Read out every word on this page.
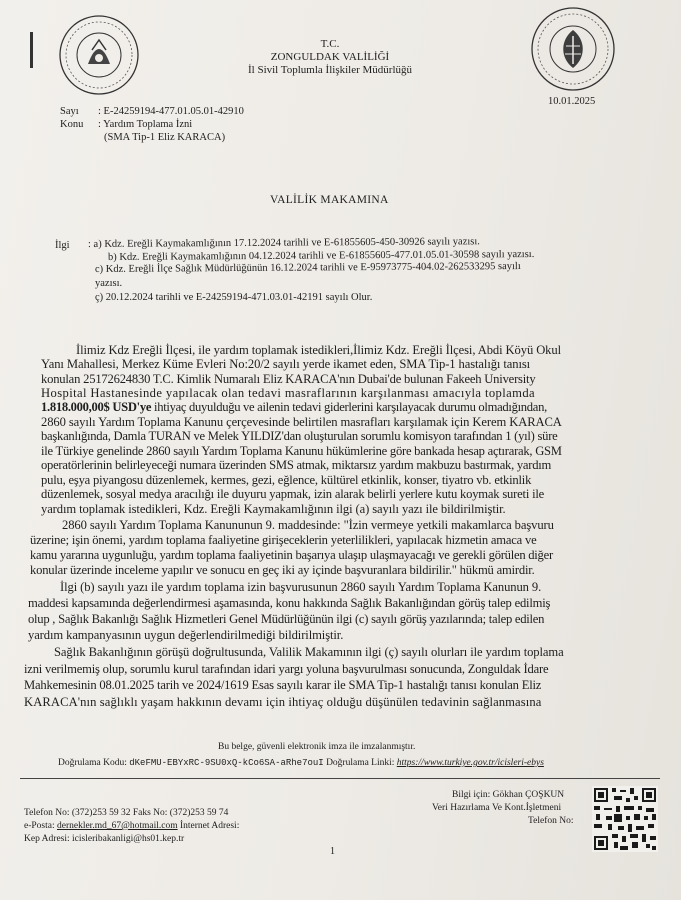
T.C.
ZONGULDAK VALİLİĞİ
İl Sivil Toplumla İlişkiler Müdürlüğü
Sayı : E-24259194-477.01.05.01-42910
Konu : Yardım Toplama İzni
(SMA Tip-1 Eliz KARACA)
10.01.2025
VALİLİK MAKAMINA
İlgi : a) Kdz. Ereğli Kaymakamlığının 17.12.2024 tarihli ve E-61855605-450-30926 sayılı yazısı.
b) Kdz. Ereğli Kaymakamlığının 04.12.2024 tarihli ve E-61855605-477.01.05.01-30598 sayılı yazısı.
c) Kdz. Ereğli İlçe Sağlık Müdürlüğünün 16.12.2024 tarihli ve E-95973775-404.02-262533295 sayılı
yazısı.
ç) 20.12.2024 tarihli ve E-24259194-471.03.01-42191 sayılı Olur.
İlimiz Kdz Ereğli İlçesi, ile yardım toplamak istedikleri,İlimiz Kdz. Ereğli İlçesi, Abdi Köyü Okul
Yanı Mahallesi, Merkez Küme Evleri No:20/2 sayılı yerde ikamet eden, SMA Tip-1 hastalığı tanısı
konulan 25172624830 T.C. Kimlik Numaralı Eliz KARACA'nın Dubai'de bulunan Fakeeh University
Hospital Hastanesinde yapılacak olan tedavi masraflarının karşılanması amacıyla toplamda
1.818.000,00$ USD'ye ihtiyaç duyulduğu ve ailenin tedavi giderlerini karşılayacak durumu olmadığından,
2860 sayılı Yardım Toplama Kanunu çerçevesinde belirtilen masrafları karşılamak için Kerem KARACA
başkanlığında, Damla TURAN ve Melek YILDIZ'dan oluşturulan sorumlu komisyon tarafından 1 (yıl) süre
ile Türkiye genelinde 2860 sayılı Yardım Toplama Kanunu hükümlerine göre bankada hesap açtırarak, GSM
operatörlerinin belirleyeceği numara üzerinden SMS atmak, miktarsız yardım makbuzu bastırmak, yardım
pulu, eşya piyangosu düzenlemek, kermes, gezi, eğlence, kültürel etkinlik, konser, tiyatro vb. etkinlik
düzenlemek, sosyal medya aracılığı ile duyuru yapmak, izin alarak belirli yerlere kutu koymak sureti ile
yardım toplamak istedikleri, Kdz. Ereğli Kaymakamlığının ilgi (a) sayılı yazı ile bildirilmiştir.
2860 sayılı Yardım Toplama Kanununun 9. maddesinde: "İzin vermeye yetkili makamlarca başvuru
üzerine; işin önemi, yardım toplama faaliyetine girişeceklerin yeterlilikleri, yapılacak hizmetin amaca ve
kamu yararına uygunluğu, yardım toplama faaliyetinin başarıya ulaşıp ulaşmayacağı ve gerekli görülen diğer
konular üzerinde inceleme yapılır ve sonucu en geç iki ay içinde başvuranlara bildirilir." hükmü amirdir.
İlgi (b) sayılı yazı ile yardım toplama izin başvurusunun 2860 sayılı Yardım Toplama Kanunun 9.
maddesi kapsamında değerlendirmesi aşamasında, konu hakkında Sağlık Bakanlığından görüş talep edilmiş
olup , Sağlık Bakanlığı Sağlık Hizmetleri Genel Müdürlüğünün ilgi (c) sayılı görüş yazılarında; talep edilen
yardım kampanyasının uygun değerlendirilmediği bildirilmiştir.
Sağlık Bakanlığının görüşü doğrultusunda, Valilik Makamının ilgi (ç) sayılı olurları ile yardım toplama
izni verilmemiş olup, sorumlu kurul tarafından idari yargı yoluna başvurulması sonucunda, Zonguldak İdare
Mahkemesinin 08.01.2025 tarih ve 2024/1619 Esas sayılı karar ile SMA Tip-1 hastalığı tanısı konulan Eliz
KARACA'nın sağlıklı yaşam hakkının devamı için ihtiyaç olduğu düşünülen tedavinin sağlanmasına
Bu belge, güvenli elektronik imza ile imzalanmıştır.
Doğrulama Kodu: dKeFMU-EBYxRC-9SU0xQ-kCo6SA-aRhe7ouI Doğrulama Linki: https://www.turkiye.gov.tr/icisleri-ebys
Telefon No: (372)253 59 32 Faks No: (372)253 59 74
e-Posta: dernekler.md_67@hotmail.com İnternet Adresi:
Kep Adresi: icisleribakanligi@hs01.kep.tr
Bilgi için: Gökhan ÇOŞKUN
Veri Hazırlama Ve Kont.İşletmeni
Telefon No:
1
